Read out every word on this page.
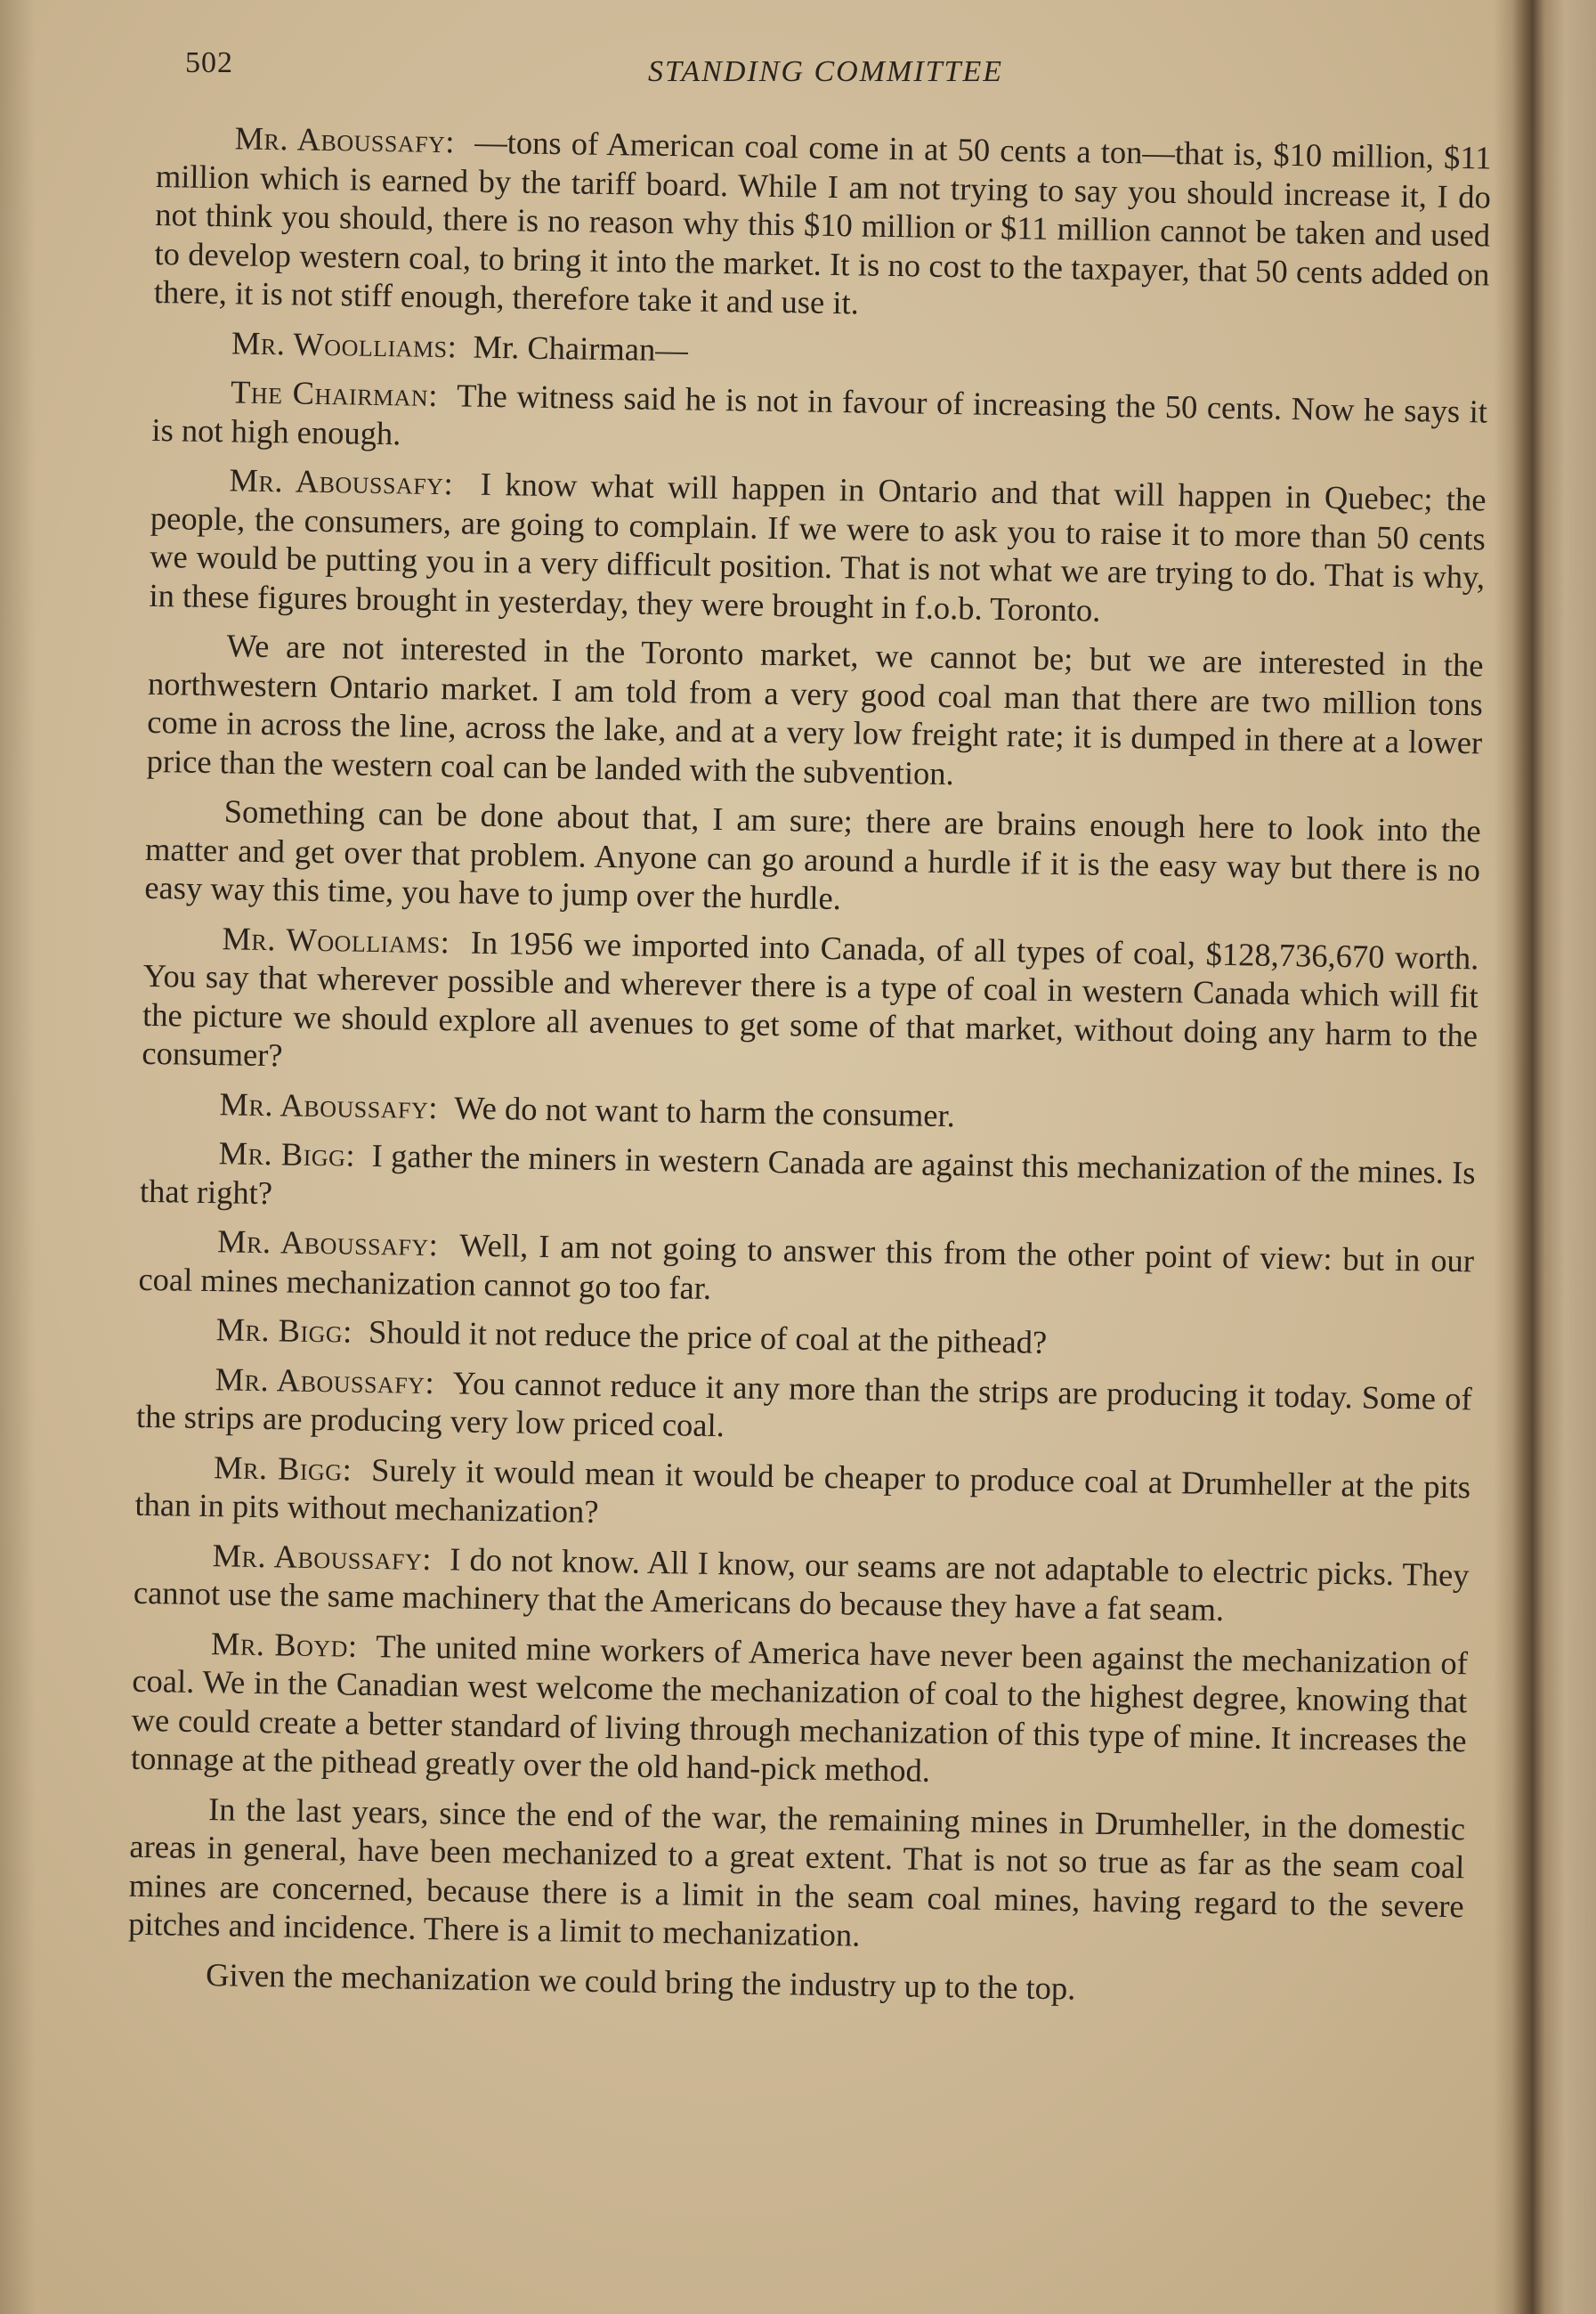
502	STANDING COMMITTEE

Mr. Aboussafy: —tons of American coal come in at 50 cents a ton—that is, $10 million, $11 million which is earned by the tariff board. While I am not trying to say you should increase it, I do not think you should, there is no reason why this $10 million or $11 million cannot be taken and used to develop western coal, to bring it into the market. It is no cost to the taxpayer, that 50 cents added on there, it is not stiff enough, therefore take it and use it.

Mr. Woolliams: Mr. Chairman—

The Chairman: The witness said he is not in favour of increasing the 50 cents. Now he says it is not high enough.

Mr. Aboussafy: I know what will happen in Ontario and that will happen in Quebec; the people, the consumers, are going to complain. If we were to ask you to raise it to more than 50 cents we would be putting you in a very difficult position. That is not what we are trying to do. That is why, in these figures brought in yesterday, they were brought in f.o.b. Toronto.

We are not interested in the Toronto market, we cannot be; but we are interested in the northwestern Ontario market. I am told from a very good coal man that there are two million tons come in across the line, across the lake, and at a very low freight rate; it is dumped in there at a lower price than the western coal can be landed with the subvention.

Something can be done about that, I am sure; there are brains enough here to look into the matter and get over that problem. Anyone can go around a hurdle if it is the easy way but there is no easy way this time, you have to jump over the hurdle.

Mr. Woolliams: In 1956 we imported into Canada, of all types of coal, $128,736,670 worth. You say that wherever possible and wherever there is a type of coal in western Canada which will fit the picture we should explore all avenues to get some of that market, without doing any harm to the consumer?

Mr. Aboussafy: We do not want to harm the consumer.

Mr. Bigg: I gather the miners in western Canada are against this mechanization of the mines. Is that right?

Mr. Aboussafy: Well, I am not going to answer this from the other point of view: but in our coal mines mechanization cannot go too far.

Mr. Bigg: Should it not reduce the price of coal at the pithead?

Mr. Aboussafy: You cannot reduce it any more than the strips are producing it today. Some of the strips are producing very low priced coal.

Mr. Bigg: Surely it would mean it would be cheaper to produce coal at Drumheller at the pits than in pits without mechanization?

Mr. Aboussafy: I do not know. All I know, our seams are not adaptable to electric picks. They cannot use the same machinery that the Americans do because they have a fat seam.

Mr. Boyd: The united mine workers of America have never been against the mechanization of coal. We in the Canadian west welcome the mechanization of coal to the highest degree, knowing that we could create a better standard of living through mechanization of this type of mine. It increases the tonnage at the pithead greatly over the old hand-pick method.

In the last years, since the end of the war, the remaining mines in Drumheller, in the domestic areas in general, have been mechanized to a great extent. That is not so true as far as the seam coal mines are concerned, because there is a limit in the seam coal mines, having regard to the severe pitches and incidence. There is a limit to mechanization.

Given the mechanization we could bring the industry up to the top.
